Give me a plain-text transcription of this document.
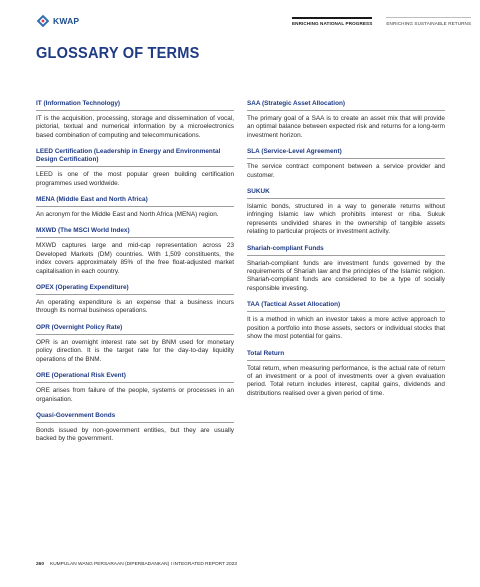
KWAP	ENRICHING NATIONAL PROGRESS	ENRICHING SUSTAINABLE RETURNS
GLOSSARY OF TERMS
IT (Information Technology)

IT is the acquisition, processing, storage and dissemination of vocal, pictorial, textual and numerical information by a microelectronics based combination of computing and telecommunications.

LEED Certification (Leadership in Energy and Environmental Design Certification)

LEED is one of the most popular green building certification programmes used worldwide.

MENA (Middle East and North Africa)

An acronym for the Middle East and North Africa (MENA) region.

MXWD (The MSCI World Index)

MXWD captures large and mid-cap representation across 23 Developed Markets (DM) countries. With 1,509 constituents, the index covers approximately 85% of the free float-adjusted market capitalisation in each country.

OPEX (Operating Expenditure)

An operating expenditure is an expense that a business incurs through its normal business operations.

OPR (Overnight Policy Rate)

OPR is an overnight interest rate set by BNM used for monetary policy direction. It is the target rate for the day-to-day liquidity operations of the BNM.

ORE (Operational Risk Event)

ORE arises from failure of the people, systems or processes in an organisation.

Quasi-Government Bonds

Bonds issued by non-government entities, but they are usually backed by the government.

SAA (Strategic Asset Allocation)

The primary goal of a SAA is to create an asset mix that will provide an optimal balance between expected risk and returns for a long-term investment horizon.

SLA (Service-Level Agreement)

The service contract component between a service provider and customer.

SUKUK

Islamic bonds, structured in a way to generate returns without infringing Islamic law which prohibits interest or riba. Sukuk represents undivided shares in the ownership of tangible assets relating to particular projects or investment activity.

Shariah-compliant Funds

Shariah-compliant funds are investment funds governed by the requirements of Shariah law and the principles of the Islamic religion. Shariah-compliant funds are considered to be a type of socially responsible investing.

TAA (Tactical Asset Allocation)

It is a method in which an investor takes a more active approach to position a portfolio into those assets, sectors or individual stocks that show the most potential for gains.

Total Return

Total return, when measuring performance, is the actual rate of return of an investment or a pool of investments over a given evaluation period. Total return includes interest, capital gains, dividends and distributions realised over a given period of time.

260 KUMPULAN WANG PERSARAAN (DIPERBADANKAN) I INTEGRATED REPORT 2023
